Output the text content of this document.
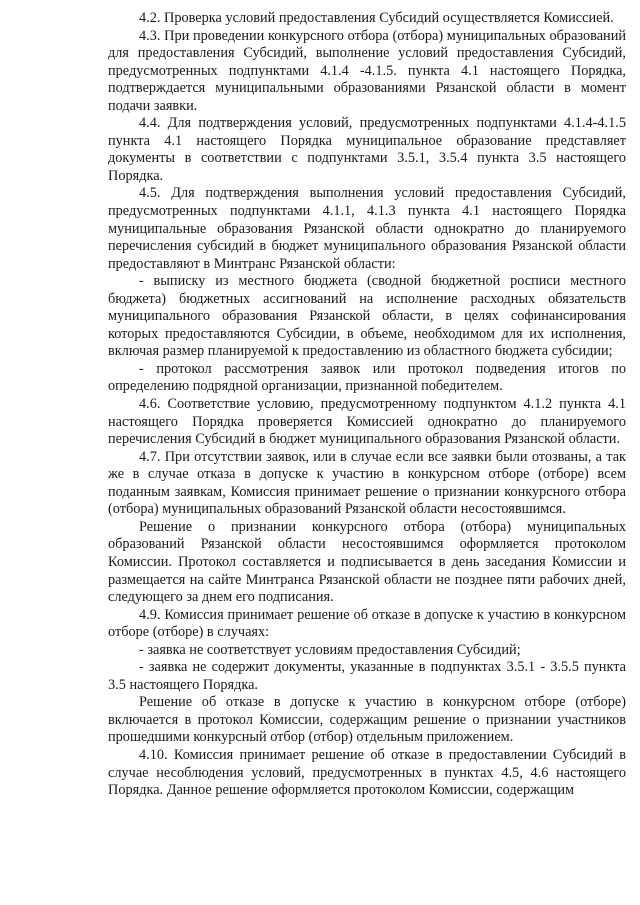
4.2. Проверка условий предоставления Субсидий осуществляется Комиссией.

4.3. При проведении конкурсного отбора (отбора) муниципальных образований для предоставления Субсидий, выполнение условий предоставления Субсидий, предусмотренных подпунктами 4.1.4 -4.1.5. пункта 4.1 настоящего Порядка, подтверждается муниципальными образованиями Рязанской области в момент подачи заявки.

4.4. Для подтверждения условий, предусмотренных подпунктами 4.1.4-4.1.5 пункта 4.1 настоящего Порядка муниципальное образование представляет документы в соответствии с подпунктами 3.5.1, 3.5.4 пункта 3.5 настоящего Порядка.

4.5. Для подтверждения выполнения условий предоставления Субсидий, предусмотренных подпунктами 4.1.1, 4.1.3 пункта 4.1 настоящего Порядка муниципальные образования Рязанской области однократно до планируемого перечисления субсидий в бюджет муниципального образования Рязанской области предоставляют в Минтранс Рязанской области:

- выписку из местного бюджета (сводной бюджетной росписи местного бюджета) бюджетных ассигнований на исполнение расходных обязательств муниципального образования Рязанской области, в целях софинансирования которых предоставляются Субсидии, в объеме, необходимом для их исполнения, включая размер планируемой к предоставлению из областного бюджета субсидии;

- протокол рассмотрения заявок или протокол подведения итогов по определению подрядной организации, признанной победителем.

4.6. Соответствие условию, предусмотренному подпунктом 4.1.2 пункта 4.1 настоящего Порядка проверяется Комиссией однократно до планируемого перечисления Субсидий в бюджет муниципального образования Рязанской области.

4.7. При отсутствии заявок, или в случае если все заявки были отозваны, а так же в случае отказа в допуске к участию в конкурсном отборе (отборе) всем поданным заявкам, Комиссия принимает решение о признании конкурсного отбора (отбора) муниципальных образований Рязанской области несостоявшимся.

Решение о признании конкурсного отбора (отбора) муниципальных образований Рязанской области несостоявшимся оформляется протоколом Комиссии. Протокол составляется и подписывается в день заседания Комиссии и размещается на сайте Минтранса Рязанской области не позднее пяти рабочих дней, следующего за днем его подписания.

4.9. Комиссия принимает решение об отказе в допуске к участию в конкурсном отборе (отборе) в случаях:

- заявка не соответствует условиям предоставления Субсидий;

- заявка не содержит документы, указанные в подпунктах 3.5.1 - 3.5.5 пункта 3.5 настоящего Порядка.

Решение об отказе в допуске к участию в конкурсном отборе (отборе) включается в протокол Комиссии, содержащим решение о признании участников прошедшими конкурсный отбор (отбор) отдельным приложением.

4.10. Комиссия принимает решение об отказе в предоставлении Субсидий в случае несоблюдения условий, предусмотренных в пунктах 4.5, 4.6 настоящего Порядка. Данное решение оформляется протоколом Комиссии, содержащим
